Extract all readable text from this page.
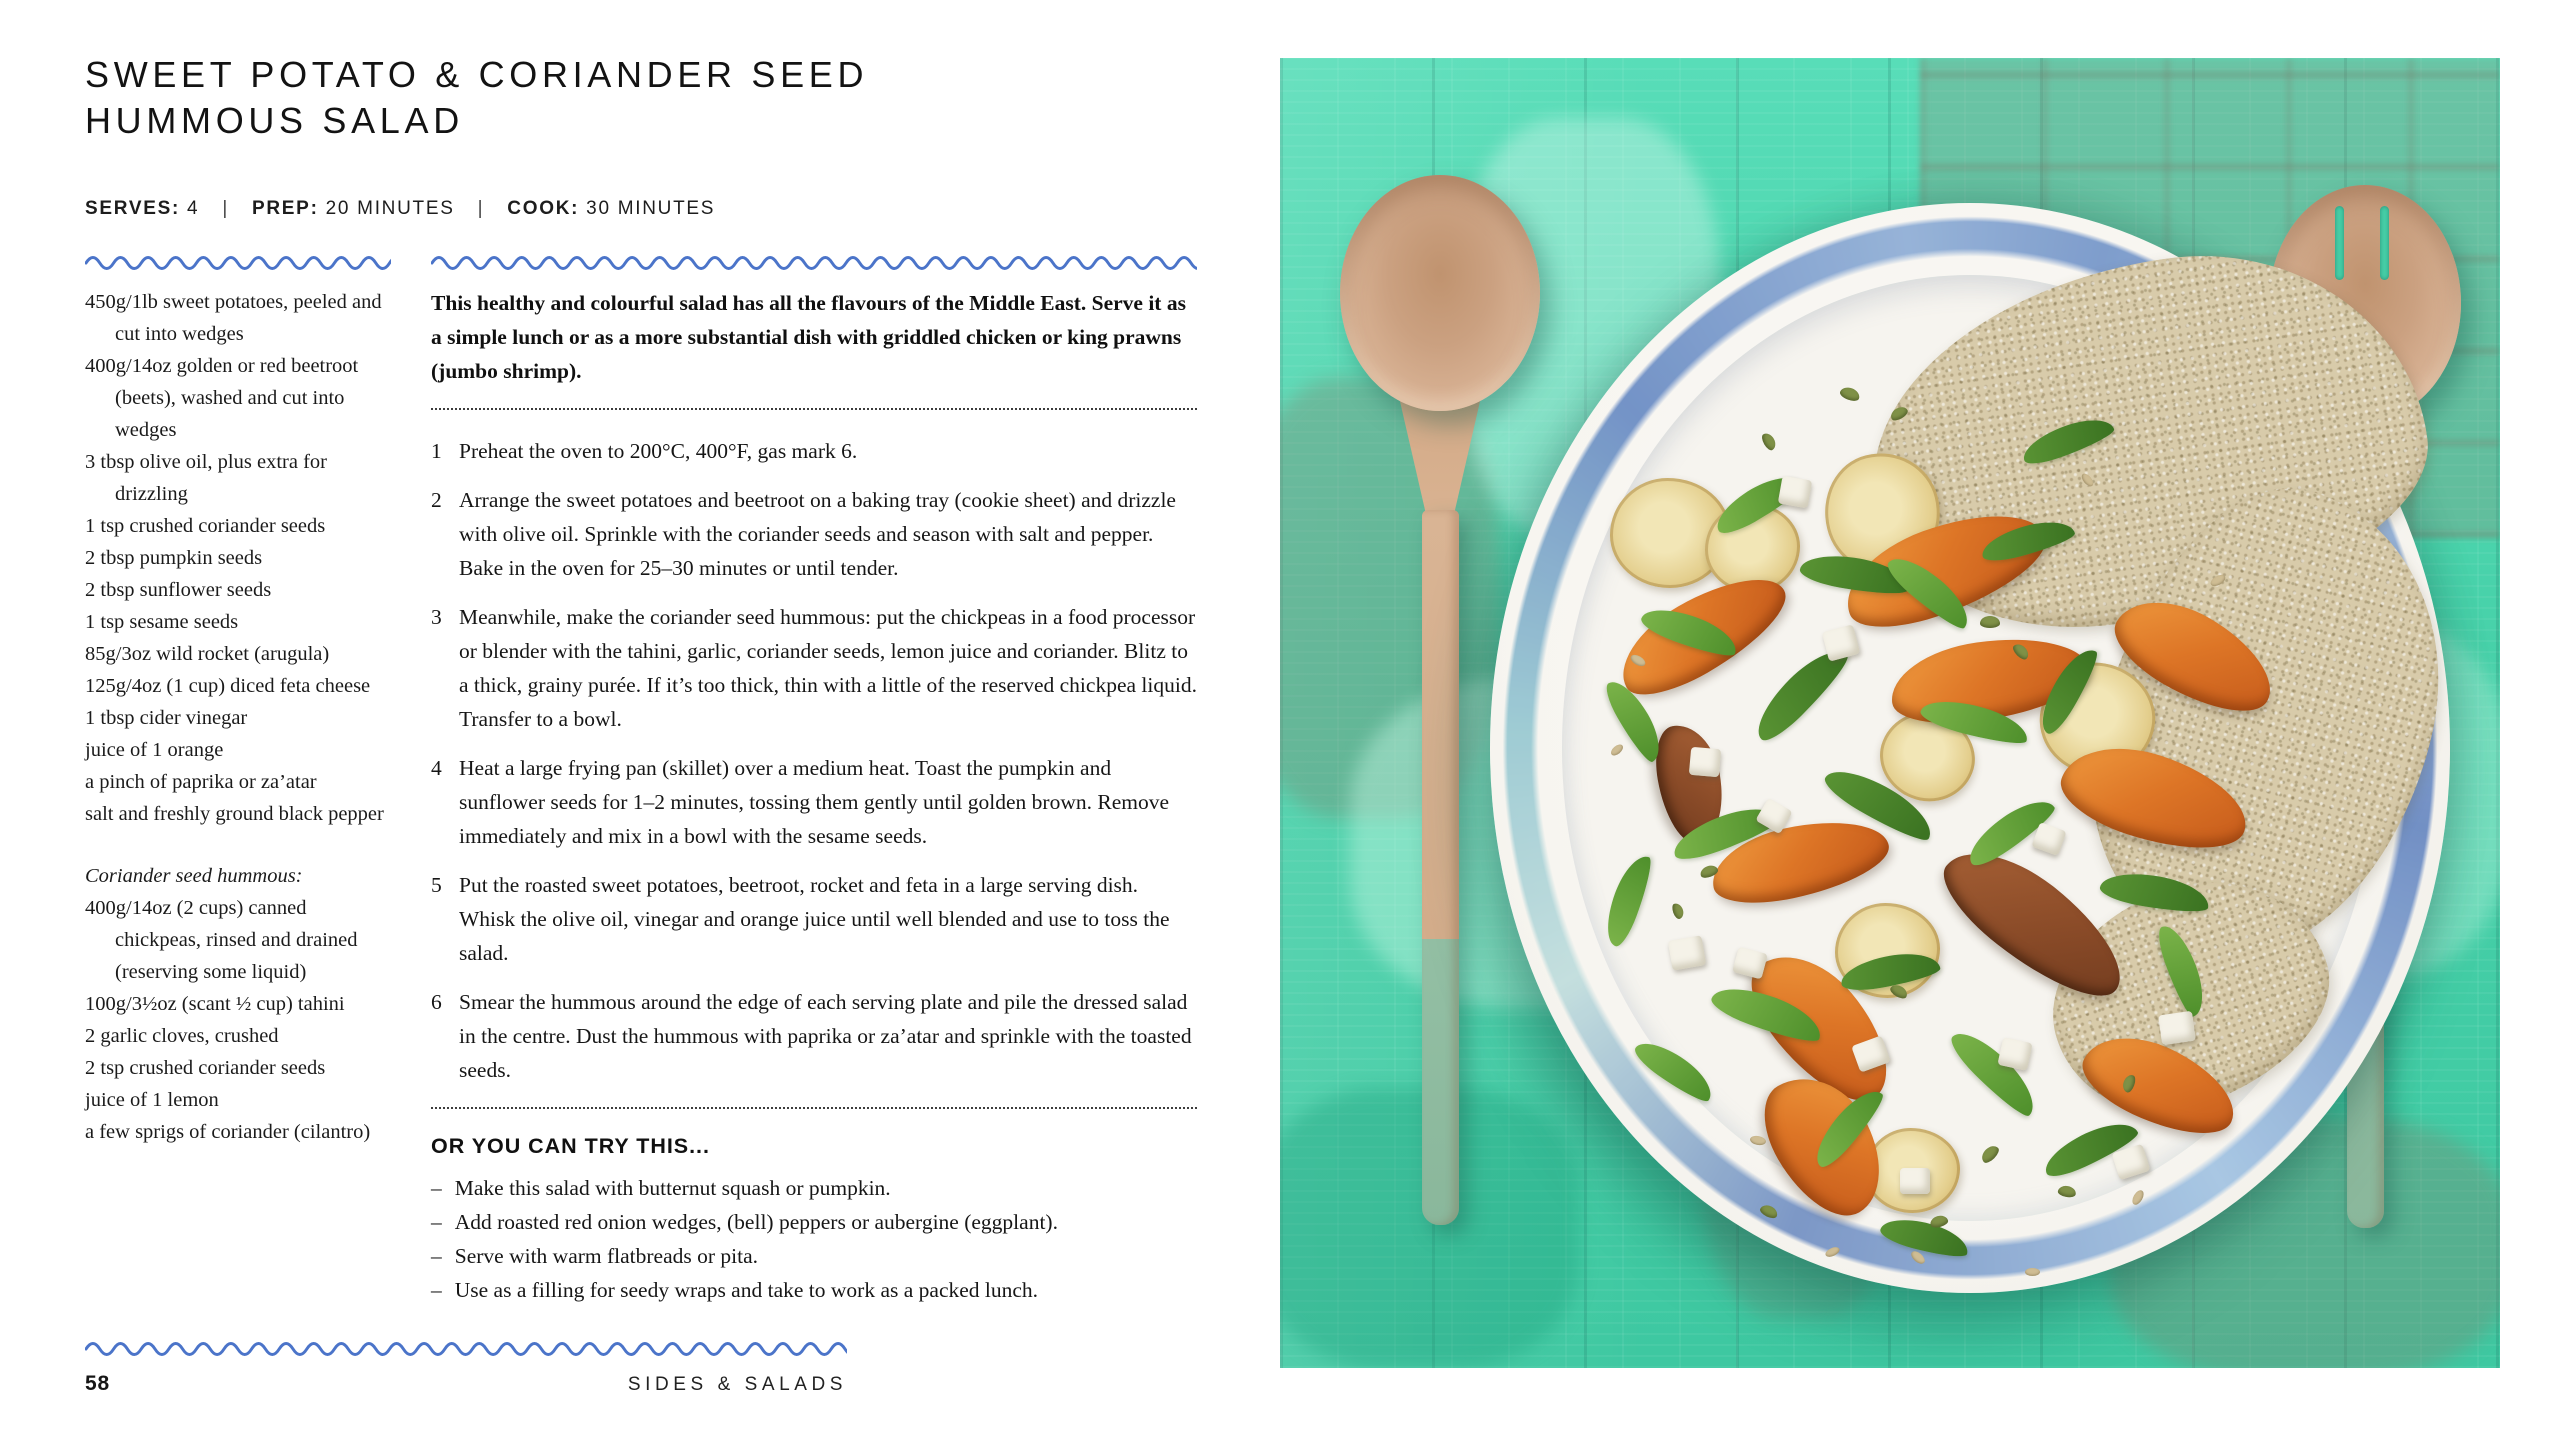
SWEET POTATO & CORIANDER SEED
HUMMOUS SALAD
SERVES: 4 | PREP: 20 MINUTES | COOK: 30 MINUTES

450g/1lb sweet potatoes, peeled and cut into wedges

400g/14oz golden or red beetroot (beets), washed and cut into wedges

3 tbsp olive oil, plus extra for drizzling

1 tsp crushed coriander seeds

2 tbsp pumpkin seeds

2 tbsp sunflower seeds

1 tsp sesame seeds

85g/3oz wild rocket (arugula)

125g/4oz (1 cup) diced feta cheese

1 tbsp cider vinegar

juice of 1 orange

a pinch of paprika or za’atar

salt and freshly ground black pepper

Coriander seed hummous:

400g/14oz (2 cups) canned chickpeas, rinsed and drained (reserving some liquid)

100g/3½oz (scant ½ cup) tahini

2 garlic cloves, crushed

2 tsp crushed coriander seeds

juice of 1 lemon

a few sprigs of coriander (cilantro)

This healthy and colourful salad has all the flavours of the Middle East. Serve it as a simple lunch or as a more substantial dish with griddled chicken or king prawns (jumbo shrimp).

1 Preheat the oven to 200°C, 400°F, gas mark 6.

2 Arrange the sweet potatoes and beetroot on a baking tray (cookie sheet) and drizzle with olive oil. Sprinkle with the coriander seeds and season with salt and pepper. Bake in the oven for 25–30 minutes or until tender.

3 Meanwhile, make the coriander seed hummous: put the chickpeas in a food processor or blender with the tahini, garlic, coriander seeds, lemon juice and coriander. Blitz to a thick, grainy purée. If it’s too thick, thin with a little of the reserved chickpea liquid. Transfer to a bowl.

4 Heat a large frying pan (skillet) over a medium heat. Toast the pumpkin and sunflower seeds for 1–2 minutes, tossing them gently until golden brown. Remove immediately and mix in a bowl with the sesame seeds.

5 Put the roasted sweet potatoes, beetroot, rocket and feta in a large serving dish. Whisk the olive oil, vinegar and orange juice until well blended and use to toss the salad.

6 Smear the hummous around the edge of each serving plate and pile the dressed salad in the centre. Dust the hummous with paprika or za’atar and sprinkle with the toasted seeds.

OR YOU CAN TRY THIS...
– Make this salad with butternut squash or pumpkin.

– Add roasted red onion wedges, (bell) peppers or aubergine (eggplant).

– Serve with warm flatbreads or pita.

– Use as a filling for seedy wraps and take to work as a packed lunch.

58	SIDES & SALADS
